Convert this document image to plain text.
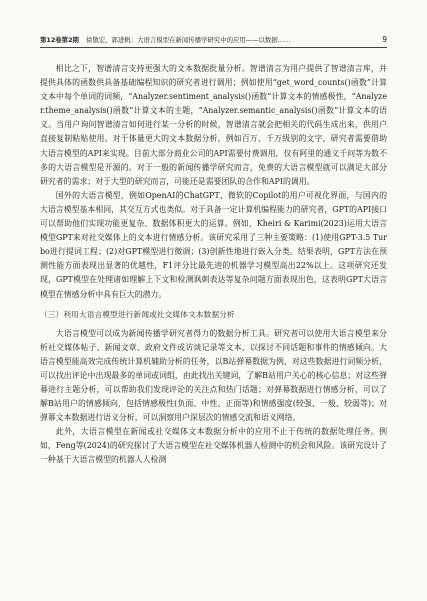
第12卷第2期 徐敬宏，郭进帆：大语言模型在新闻传播学研究中的应用——以数据……	9

相比之下，智谱清言支持更强大的文本数据批量分析。智谱清言为用户提供了智谱清言库，并提供具体的函数供具备基础编程知识的研究者进行调用；例如使用“get_word_counts()函数”计算文本中每个单词的词频，“Analyzer.sentiment_analysis()函数”计算文本的情感极性，“Analyzer.theme_analysis()函数”计算文本的主题，“Analyzer.semantic_analysis()函数”计算文本的语义。当用户询问智谱清言如何进行某一分析的时候，智谱清言就会把相关的代码生成出来，供用户直接复制粘贴使用。对于体量更大的文本数据分析，例如百万、千万级别的文字，研究者需要借助大语言模型的API来实现。目前大部分商业公司的API需要付费调用，仅有阿里的通义千问等为数不多的大语言模型是开源的。对于一般的新闻传播学研究而言，免费的大语言模型就可以满足大部分研究者的需求；对于大型的研究而言，可能还是需要团队的合作和API的调用。

国外的大语言模型，例如OpenAI的ChatGPT、微软的Copilot的用户可视化界面，与国内的大语言模型基本相同，其交互方式也类似。对于具备一定计算机编程能力的研究者，GPT的API接口可以帮助他们实现功能更复杂、数据体积更大的运算。例如，Kheiri & Karimi(2023)运用大语言模型GPT来对社交媒体上的文本进行情感分析。该研究采用了三种主要策略：(1)使用GPT-3.5 Turbo进行提词工程；(2)对GPT模型进行微调；(3)创新性地进行嵌入分类。结果表明，GPT方法在预测性能方面表现出显著的优越性，F1评分比最先进的机器学习模型高出22%以上。这项研究还发现，GPT模型在处理诸如理解上下文和检测讽刺表达等复杂问题方面表现出色，这表明GPT大语言模型在情感分析中具有巨大的潜力。

（三）利用大语言模型进行新闻或社交媒体文本数据分析

大语言模型可以成为新闻传播学研究者得力的数据分析工具。研究者可以使用大语言模型来分析社交媒体帖子、新闻文章、政府文件或访谈记录等文本，以探讨不同话题和事件的情感倾向。大语言模型能高效完成传统计算机辅助分析的任务，以B站弹幕数据为例，对这些数据进行词频分析，可以找出评论中出现最多的单词或词组，由此找出关键词，了解B站用户关心的核心信息；对这些弹幕进行主题分析，可以帮助我们发现评论的关注点和热门话题；对弹幕数据进行情感分析，可以了解B站用户的情感倾向，包括情感极性(负面、中性、正面等)和情感强度(较强、一般、较弱等)；对弹幕文本数据进行语义分析，可以洞察用户深层次的情感交流和语义网络。

此外，大语言模型在新闻或社交媒体文本数据分析中的应用不止于传统的数据处理任务。例如，Feng等(2024)的研究探讨了大语言模型在社交媒体机器人检测中的机会和风险。该研究设计了一种基于大语言模型的机器人人检测
